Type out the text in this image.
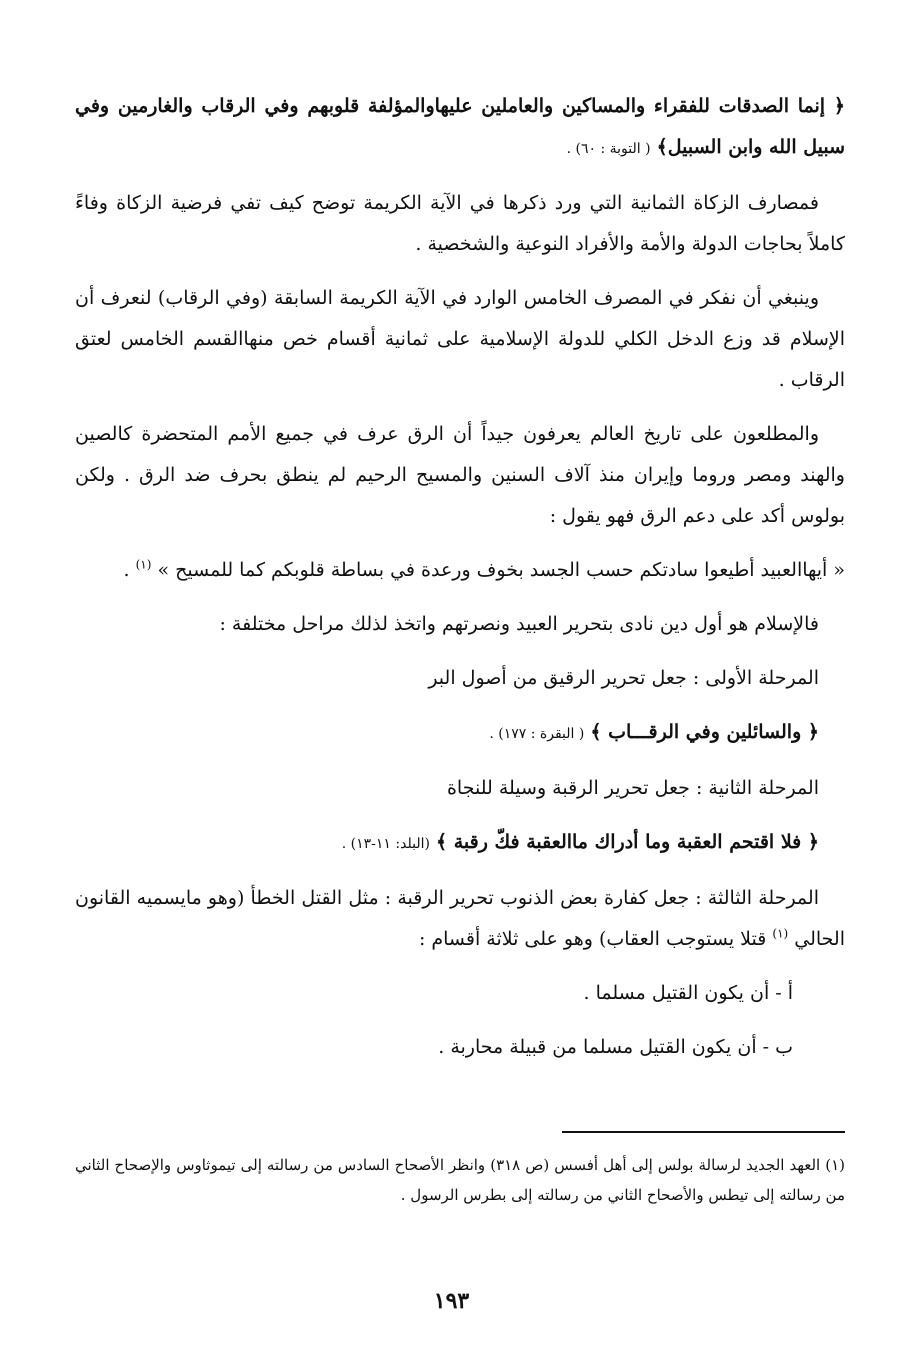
﴿ إنما الصدقات للفقراء والمساكين والعاملين عليهاوالمؤلفة قلوبهم وفي الرقاب والغارمين وفي سبيل الله وابن السبيل﴾ ( التوبة : ٦٠) .

فمصارف الزكاة الثمانية التي ورد ذكرها في الآية الكريمة توضح كيف تفي فرضية الزكاة وفاءً كاملاً بحاجات الدولة والأمة والأفراد النوعية والشخصية .

وينبغي أن نفكر في المصرف الخامس الوارد في الآية الكريمة السابقة (وفي الرقاب) لنعرف أن الإسلام قد وزع الدخل الكلي للدولة الإسلامية على ثمانية أقسام خص منهاالقسم الخامس لعتق الرقاب .

والمطلعون على تاريخ العالم يعرفون جيداً أن الرق عرف في جميع الأمم المتحضرة كالصين والهند ومصر وروما وإيران منذ آلاف السنين والمسيح الرحيم لم ينطق بحرف ضد الرق . ولكن بولوس أكد على دعم الرق فهو يقول :

« أيهاالعبيد أطيعوا سادتكم حسب الجسد بخوف ورعدة في بساطة قلوبكم كما للمسيح » $^{(١)}$ .

فالإسلام هو أول دين نادى بتحرير العبيد ونصرتهم واتخذ لذلك مراحل مختلفة :

المرحلة الأولى : جعل تحرير الرقيق من أصول البر

﴿ والسائلين وفي الرقـــاب ﴾ ( البقرة : ١٧٧) .

المرحلة الثانية : جعل تحرير الرقبة وسيلة للنجاة

﴿ فلا اقتحم العقبة وما أدراك ماالعقبة فكّ رقبة ﴾ (البلد: ١١-١٣) .

المرحلة الثالثة : جعل كفارة بعض الذنوب تحرير الرقبة : مثل القتل الخطأ (وهو مايسميه القانون الحالي $^{(١)}$ قتلا يستوجب العقاب) وهو على ثلاثة أقسام :

أ - أن يكون القتيل مسلما .

ب - أن يكون القتيل مسلما من قبيلة محاربة .

(١) العهد الجديد لرسالة بولس إلى أهل أفسس (ص ٣١٨) وانظر الأصحاح السادس من رسالته إلى تيموثاوس والإصحاح الثاني من رسالته إلى تيطس والأصحاح الثاني من رسالته إلى بطرس الرسول .

١٩٣
